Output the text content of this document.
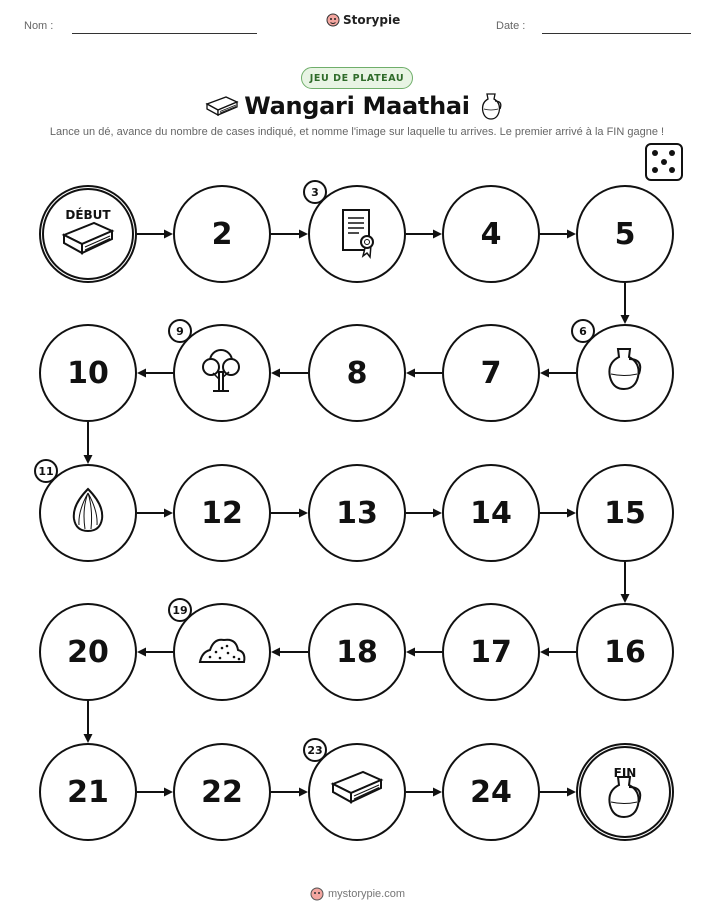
Nom :	Storypie	Date :
JEU DE PLATEAU
Wangari Maathai
Lance un dé, avance du nombre de cases indiqué, et nomme l'image sur laquelle tu arrives. Le premier arrivé à la FIN gagne !
DÉBUT
2
3
4	5
6
7
8
9
10
11
12	13	14	15
16
17
18
19
20
21	22
23
24
FIN
mystorypie.com
